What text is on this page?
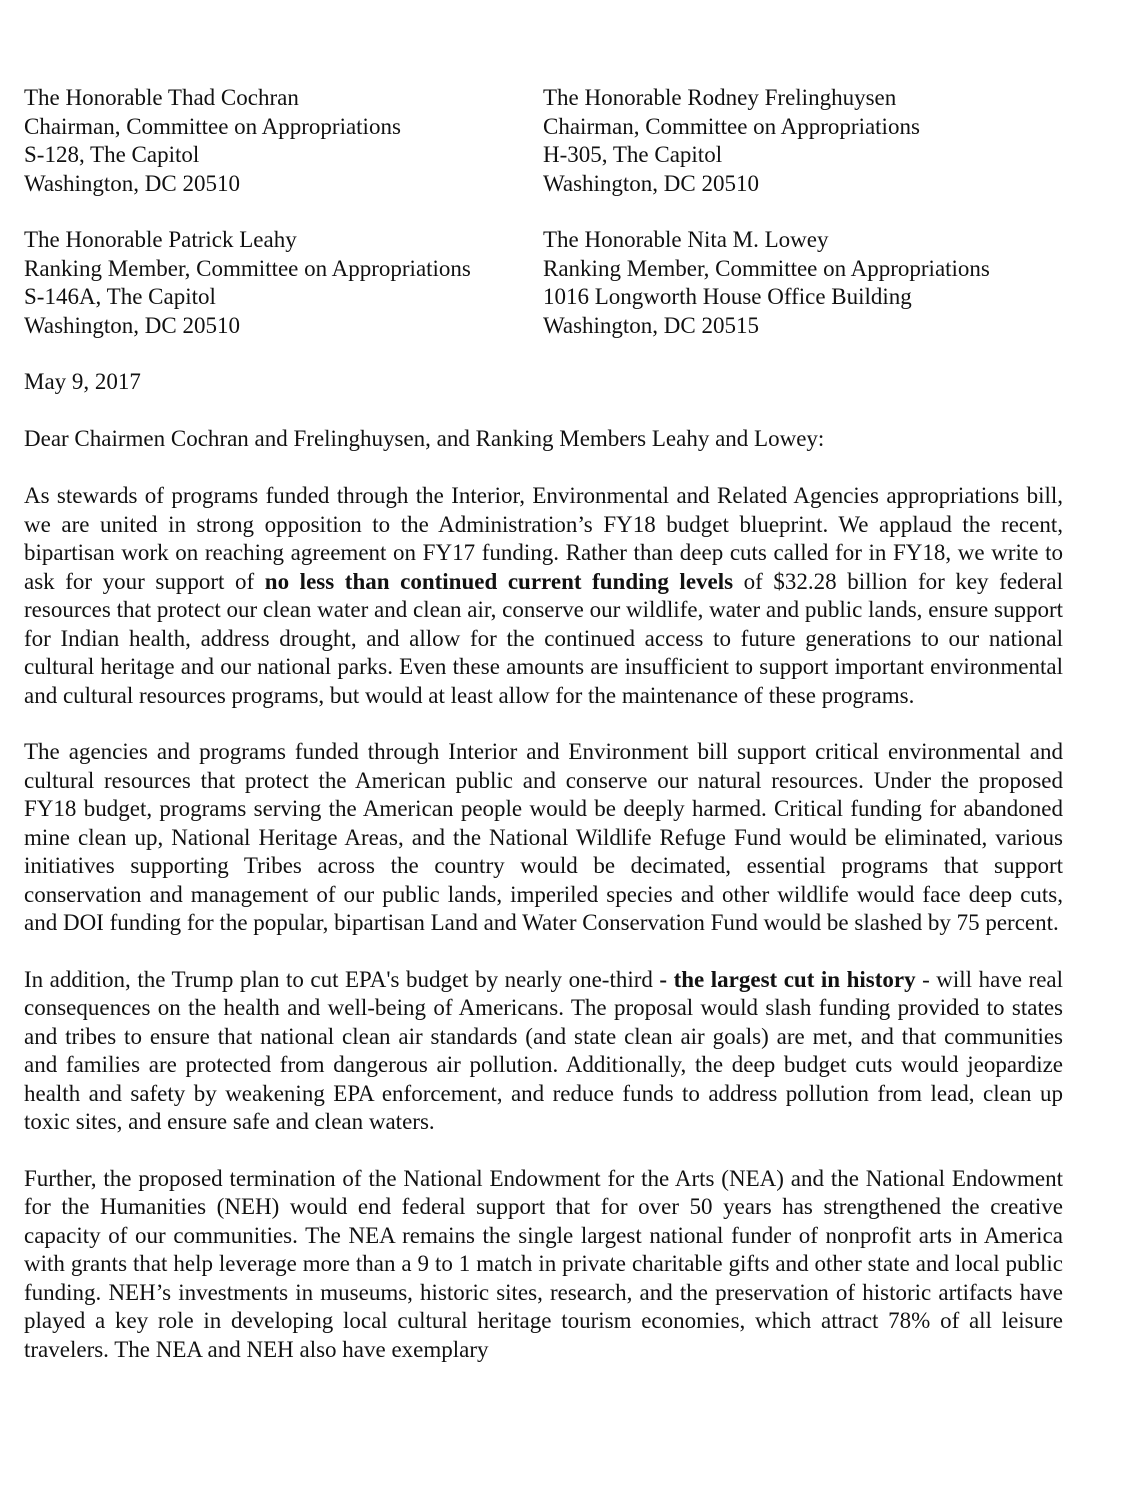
The Honorable Thad Cochran
Chairman, Committee on Appropriations
S-128, The Capitol
Washington, DC 20510
The Honorable Rodney Frelinghuysen
Chairman, Committee on Appropriations
H-305, The Capitol
Washington, DC 20510
The Honorable Patrick Leahy
Ranking Member, Committee on Appropriations
S-146A, The Capitol
Washington, DC 20510
The Honorable Nita M. Lowey
Ranking Member, Committee on Appropriations
1016 Longworth House Office Building
Washington, DC 20515
May 9, 2017
Dear Chairmen Cochran and Frelinghuysen, and Ranking Members Leahy and Lowey:

As stewards of programs funded through the Interior, Environmental and Related Agencies appropriations bill, we are united in strong opposition to the Administration’s FY18 budget blueprint. We applaud the recent, bipartisan work on reaching agreement on FY17 funding. Rather than deep cuts called for in FY18, we write to ask for your support of no less than continued current funding levels of $32.28 billion for key federal resources that protect our clean water and clean air, conserve our wildlife, water and public lands, ensure support for Indian health, address drought, and allow for the continued access to future generations to our national cultural heritage and our national parks. Even these amounts are insufficient to support important environmental and cultural resources programs, but would at least allow for the maintenance of these programs.

The agencies and programs funded through Interior and Environment bill support critical environmental and cultural resources that protect the American public and conserve our natural resources. Under the proposed FY18 budget, programs serving the American people would be deeply harmed. Critical funding for abandoned mine clean up, National Heritage Areas, and the National Wildlife Refuge Fund would be eliminated, various initiatives supporting Tribes across the country would be decimated, essential programs that support conservation and management of our public lands, imperiled species and other wildlife would face deep cuts, and DOI funding for the popular, bipartisan Land and Water Conservation Fund would be slashed by 75 percent.

In addition, the Trump plan to cut EPA's budget by nearly one-third - the largest cut in history - will have real consequences on the health and well-being of Americans. The proposal would slash funding provided to states and tribes to ensure that national clean air standards (and state clean air goals) are met, and that communities and families are protected from dangerous air pollution. Additionally, the deep budget cuts would jeopardize health and safety by weakening EPA enforcement, and reduce funds to address pollution from lead, clean up toxic sites, and ensure safe and clean waters.

Further, the proposed termination of the National Endowment for the Arts (NEA) and the National Endowment for the Humanities (NEH) would end federal support that for over 50 years has strengthened the creative capacity of our communities. The NEA remains the single largest national funder of nonprofit arts in America with grants that help leverage more than a 9 to 1 match in private charitable gifts and other state and local public funding. NEH’s investments in museums, historic sites, research, and the preservation of historic artifacts have played a key role in developing local cultural heritage tourism economies, which attract 78% of all leisure travelers. The NEA and NEH also have exemplary
